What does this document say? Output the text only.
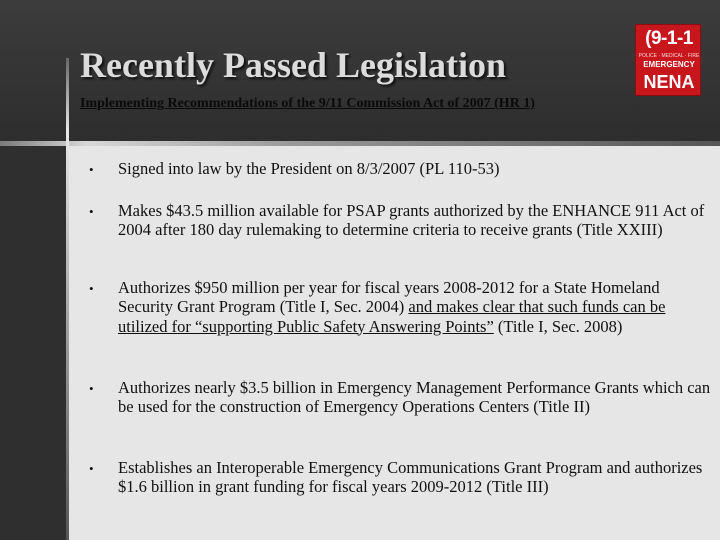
Recently Passed Legislation
Implementing Recommendations of the 9/11 Commission Act of 2007 (HR 1)
(9-1-1
POLICE · MEDICAL · FIRE
EMERGENCY
NENA
• Signed into law by the President on 8/3/2007 (PL 110-53)
• Makes $43.5 million available for PSAP grants authorized by the ENHANCE 911 Act of 2004 after 180 day rulemaking to determine criteria to receive grants (Title XXIII)
• Authorizes $950 million per year for fiscal years 2008-2012 for a State Homeland Security Grant Program (Title I, Sec. 2004) and makes clear that such funds can be utilized for “supporting Public Safety Answering Points” (Title I, Sec. 2008)
• Authorizes nearly $3.5 billion in Emergency Management Performance Grants which can be used for the construction of Emergency Operations Centers (Title II)
• Establishes an Interoperable Emergency Communications Grant Program and authorizes $1.6 billion in grant funding for fiscal years 2009-2012 (Title III)
